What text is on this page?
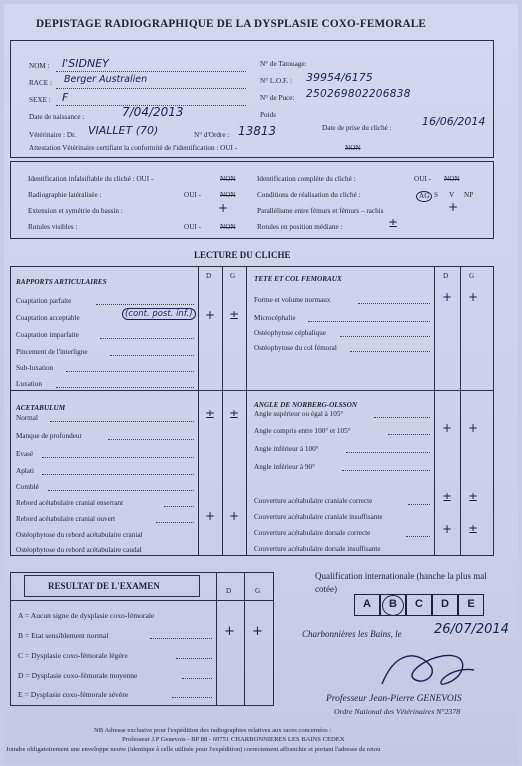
DEPISTAGE RADIOGRAPHIQUE DE LA DYSPLASIE COXO-FEMORALE
NOM : I'SIDNEY
RACE : Berger Australien
SEXE : F
Date de naissance :	7/04/2013
Vétérinaire : Dr. VIALLET (70)
N° de Tatouage:
N° L.O.F. : 39954/6175
N° de Puce: 250269802206838
Poids
N° d'Ordre : 13813	Date de prise du cliché :	16/06/2014
Attestation Vétérinaire certifiant la conformité de l'identification : OUI -	NON
Identification infalsifiable du cliché : OUI -	NON
Radiographie latéralisée :	OUI -	NON
Extension et symétrie du bassin :	+
Rotules visibles :	OUI -	NON
Identification complète du cliché :	OUI - NON
Conditions de réalisation du cliché :	AG S V NP
Parallélisme entre fémurs et fémurs – rachis	+
Rotules en position médiane :	±
LECTURE DU CLICHE
D	G	D	G
RAPPORTS ARTICULAIRES
Coaptation parfaite
Coaptation acceptable	(cont. post. inf.) + ±
Coaptation imparfaite
Pincement de l'interligne
Sub-luxation
Luxation
ACETABULUM
Normal	± ±
Manque de profondeur
Evasé
Aplati
Comblé
Rebord acétabulaire cranial enserrant
Rebord acétabulaire cranial ouvert	+ +
Ostéophytose du rebord acétabulaire cranial
Ostéophytose du rebord acétabulaire caudal
TETE ET COL FEMORAUX
Forme et volume normaux	+ +
Microcéphalie
Ostéophytose céphalique
Ostéophytose du col fémoral
ANGLE DE NORBERG-OLSSON
Angle supérieur ou égal à 105°
Angle compris entre 100° et 105°	+ +
Angle inférieur à 100°
Angle inférieur à 90°
Couverture acétabulaire craniale correcte	± ±
Couverture acétabulaire craniale insuffisante
Couverture acétabulaire dorsale correcte	+ ±
Couverture acétabulaire dorsale insuffisante
RESULTAT DE L'EXAMEN	D	G
A = Aucun signe de dysplasie coxo-fémorale
B = Etat sensiblement normal	+ +
C = Dysplasie coxo-fémorale légère
D = Dysplasie coxo-fémorale moyenne
E = Dysplasie coxo-fémorale sévère
Qualification internationale (hanche la plus mal cotée)
A	B	C	D	E
Charbonnières les Bains, le 26/07/2014
Professeur Jean-Pierre GENEVOIS
Ordre National des Vétérinaires N°2378
NB Adresse exclusive pour l'expédition des radiographies relatives aux races concernées :
Professeur J.P Genevois - BP 88 - 69751 CHARBONNIERES LES BAINS CEDEX
Joindre obligatoirement une enveloppe neuve (identique à celle utilisée pour l'expédition) correctement affranchie et portant l'adresse de retou
